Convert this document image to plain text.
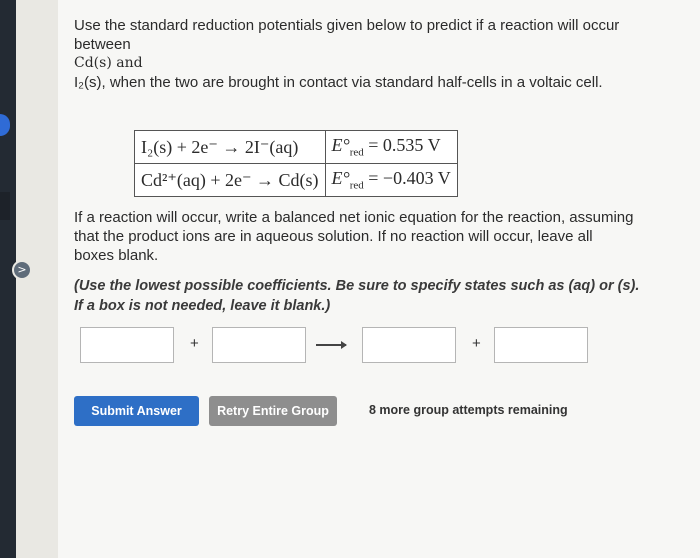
>

Use the standard reduction potentials given below to predict if a reaction will occur between

Cd(s) and

I₂(s), when the two are brought in contact via standard half-cells in a voltaic cell.

I₂(s) + 2e⁻ → 2I⁻(aq)	$E^\circ_{red} = 0.535$ V
Cd²⁺(aq) + 2e⁻ → Cd(s)	$E^\circ_{red} = -0.403$ V
If a reaction will occur, write a balanced net ionic equation for the reaction, assuming that the product ions are in aqueous solution. If no reaction will occur, leave all boxes blank.
(Use the lowest possible coefficients. Be sure to specify states such as (aq) or (s). If a box is not needed, leave it blank.)
+	+
Submit Answer	Retry Entire Group	8 more group attempts remaining
